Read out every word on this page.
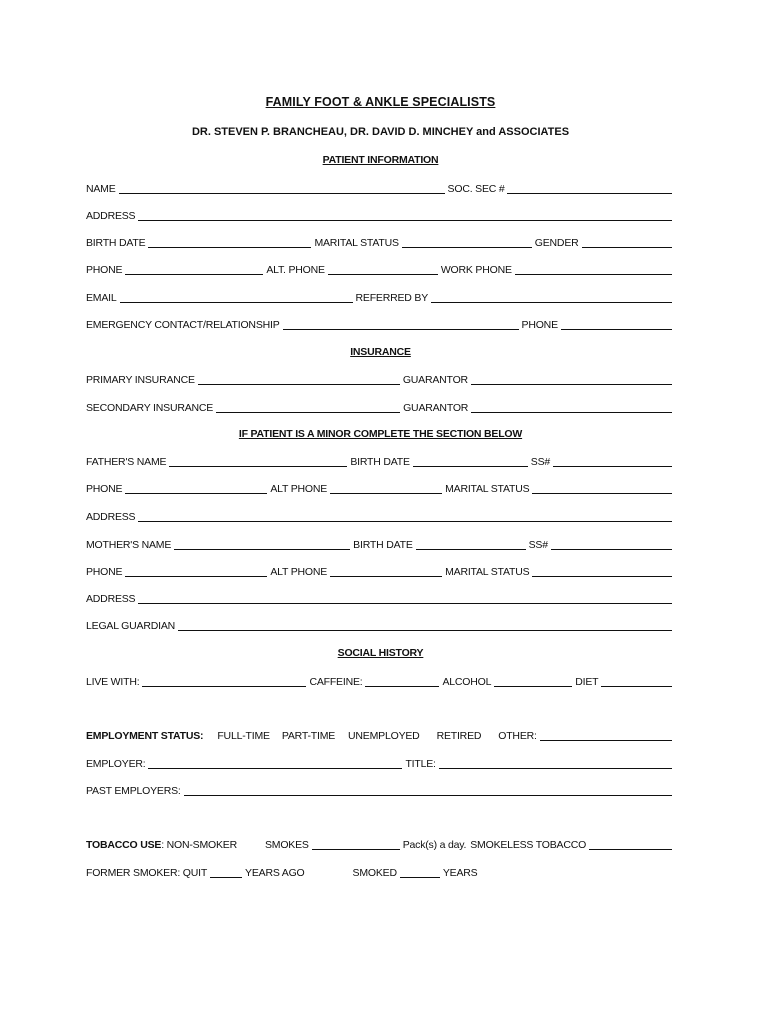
FAMILY FOOT & ANKLE SPECIALISTS
DR. STEVEN P. BRANCHEAU, DR. DAVID D. MINCHEY and ASSOCIATES
PATIENT INFORMATION
NAME	SOC. SEC #
ADDRESS
BIRTH DATE	MARITAL STATUS	GENDER
PHONE	ALT. PHONE	WORK PHONE
EMAIL	REFERRED BY
EMERGENCY CONTACT/RELATIONSHIP	PHONE
INSURANCE
PRIMARY INSURANCE	GUARANTOR
SECONDARY INSURANCE	GUARANTOR
IF PATIENT IS A MINOR COMPLETE THE SECTION BELOW
FATHER'S NAME	BIRTH DATE	SS#
PHONE	ALT PHONE	MARITAL STATUS
ADDRESS
MOTHER'S NAME	BIRTH DATE	SS#
PHONE	ALT PHONE	MARITAL STATUS
ADDRESS
LEGAL GUARDIAN
SOCIAL HISTORY
LIVE WITH:	CAFFEINE:	ALCOHOL	DIET
EMPLOYMENT STATUS: FULL-TIME PART-TIME UNEMPLOYED RETIRED OTHER:
EMPLOYER:	TITLE:
PAST EMPLOYERS:
TOBACCO USE : NON-SMOKER	SMOKES	Pack(s) a day. SMOKELESS TOBACCO
FORMER SMOKER: QUIT	YEARS AGO	SMOKED	YEARS
